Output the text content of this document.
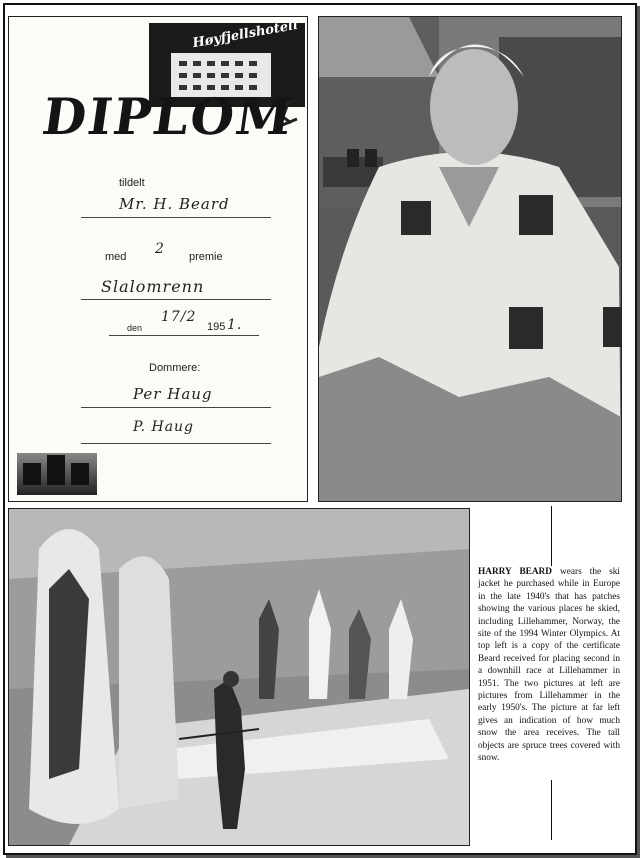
Høyfjellshotell
DIPLOM
tildelt
Mr. H. Beard
med 2 premie
Slalomrenn
den
17/2
195 1.
Dommere:
Per Haug
P. Haug
HARRY BEARD wears the ski jacket he purchased while in Europe in the late 1940's that has patches showing the various places he skied, including Lillehammer, Norway, the site of the 1994 Winter Olympics. At top left is a copy of the certificate Beard received for placing second in a downhill race at Lillehammer in 1951. The two pictures at left are pictures from Lillehammer in the early 1950's. The picture at far left gives an indication of how much snow the area receives. The tall objects are spruce trees covered with snow.
